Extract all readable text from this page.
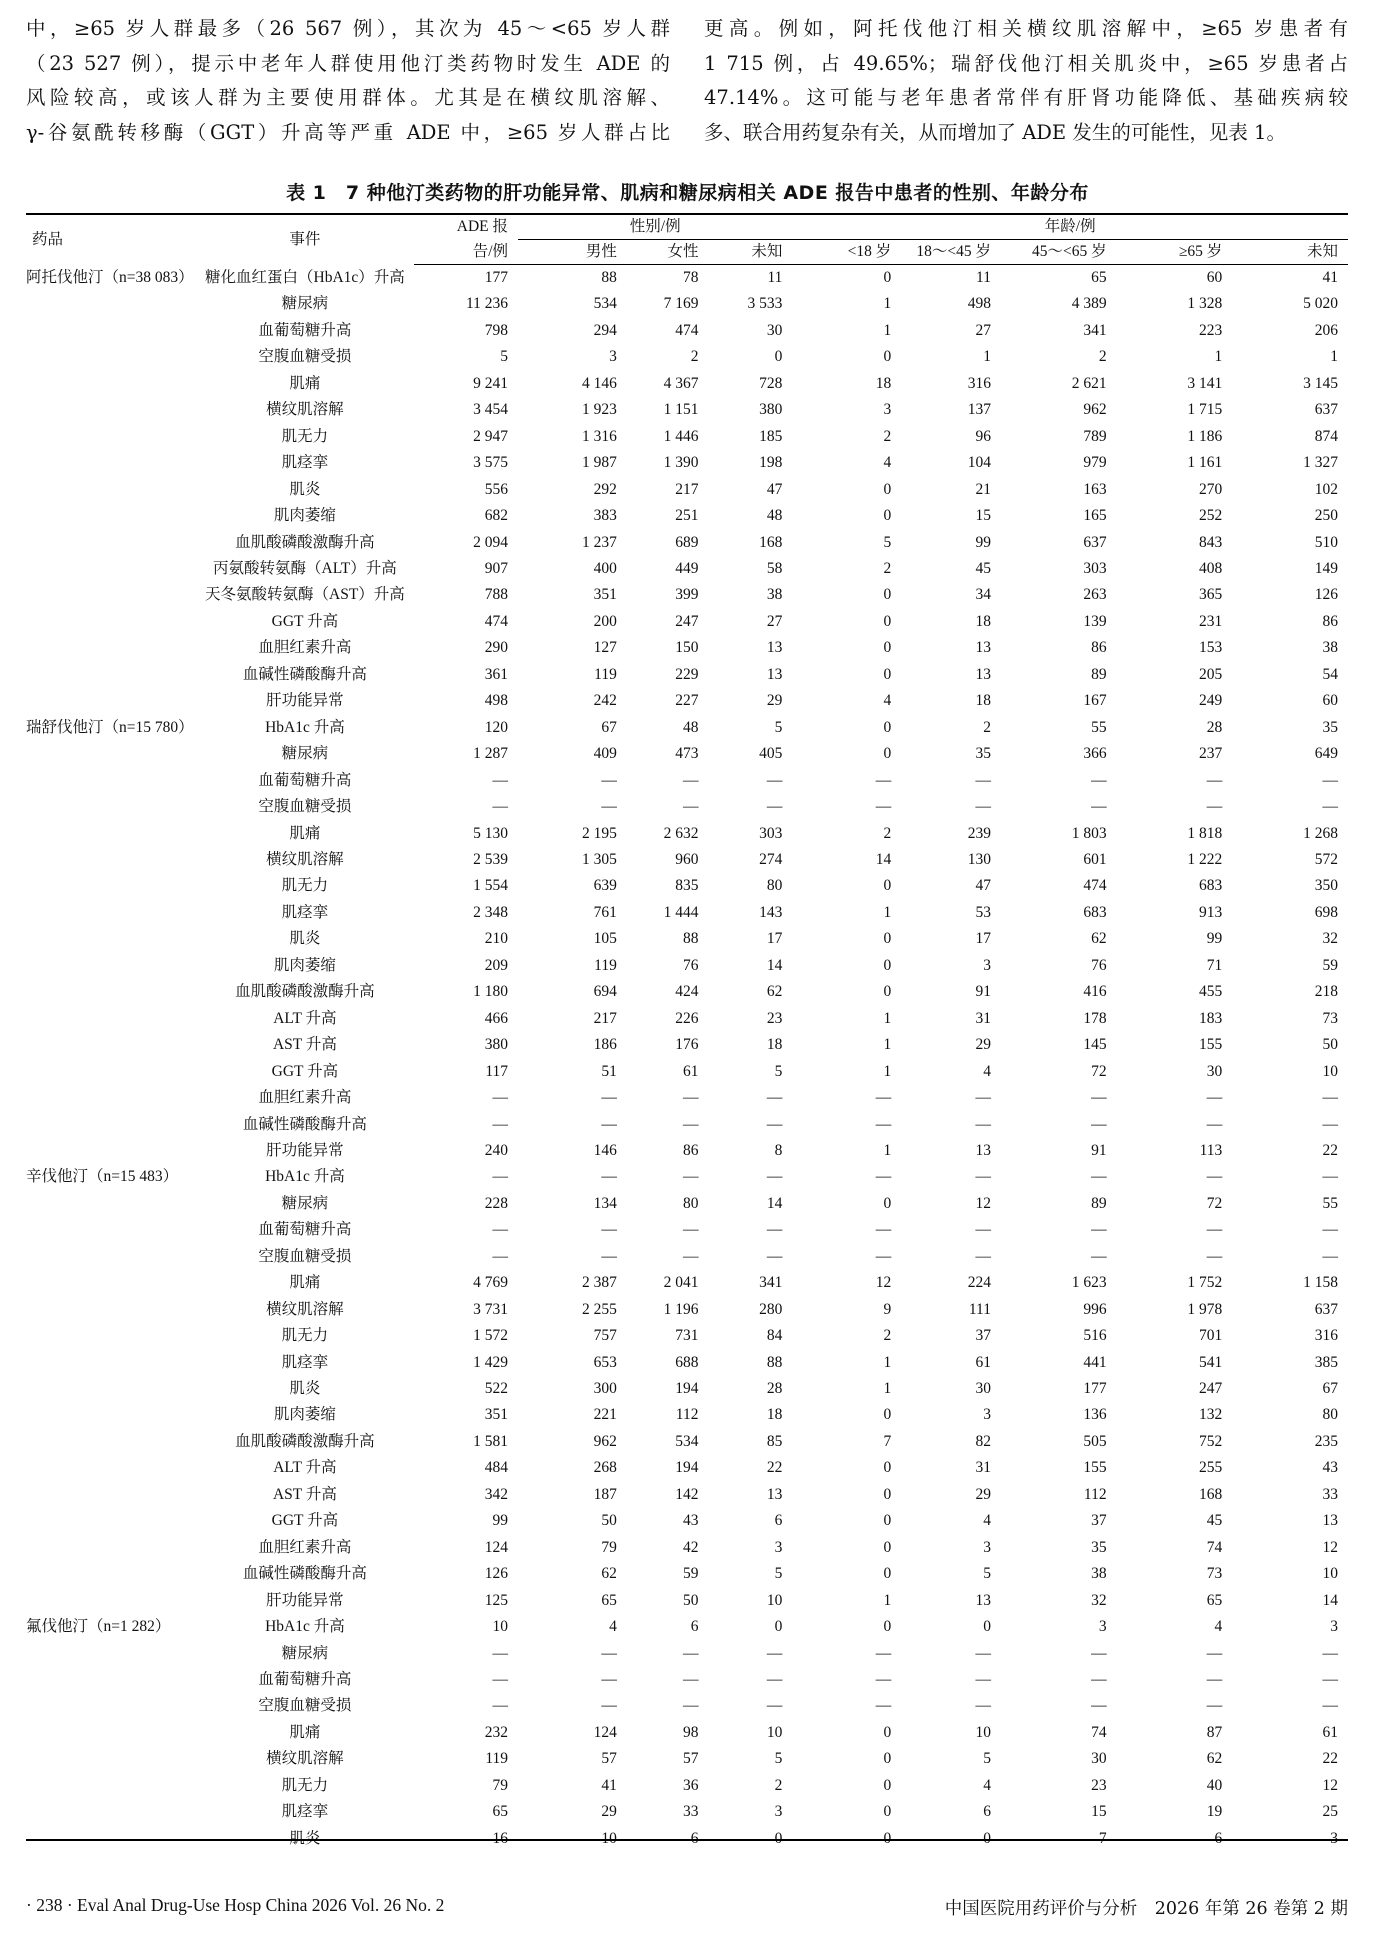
中，≥65 岁人群最多（26 567 例），其次为 45～<65 岁人群

（23 527 例），提示中老年人群使用他汀类药物时发生 ADE 的

风险较高，或该人群为主要使用群体。尤其是在横纹肌溶解、

γ-谷氨酰转移酶（GGT）升高等严重 ADE 中，≥65 岁人群占比

更高。例如，阿托伐他汀相关横纹肌溶解中，≥65 岁患者有

1 715 例，占 49.65%；瑞舒伐他汀相关肌炎中，≥65 岁患者占

47.14%。这可能与老年患者常伴有肝肾功能降低、基础疾病较

多、联合用药复杂有关，从而增加了 ADE 发生的可能性，见表 1。

表 1　7 种他汀类药物的肝功能异常、肌病和糖尿病相关 ADE 报告中患者的性别、年龄分布
药品	事件	ADE 报	性别/例			年龄/例				
		告/例	男性	女性	未知	<18 岁	18～<45 岁	45～<65 岁	≥65 岁	未知

阿托伐他汀（n=38 083）	糖化血红蛋白（HbA1c）升高	177	88	78	11	0	11	65	60	41

	糖尿病	11 236	534	7 169	3 533	1	498	4 389	1 328	5 020

	血葡萄糖升高	798	294	474	30	1	27	341	223	206

	空腹血糖受损	5	3	2	0	0	1	2	1	1

	肌痛	9 241	4 146	4 367	728	18	316	2 621	3 141	3 145

	横纹肌溶解	3 454	1 923	1 151	380	3	137	962	1 715	637

	肌无力	2 947	1 316	1 446	185	2	96	789	1 186	874

	肌痉挛	3 575	1 987	1 390	198	4	104	979	1 161	1 327

	肌炎	556	292	217	47	0	21	163	270	102

	肌肉萎缩	682	383	251	48	0	15	165	252	250

	血肌酸磷酸激酶升高	2 094	1 237	689	168	5	99	637	843	510

	丙氨酸转氨酶（ALT）升高	907	400	449	58	2	45	303	408	149

	天冬氨酸转氨酶（AST）升高	788	351	399	38	0	34	263	365	126

	GGT 升高	474	200	247	27	0	18	139	231	86

	血胆红素升高	290	127	150	13	0	13	86	153	38

	血碱性磷酸酶升高	361	119	229	13	0	13	89	205	54

	肝功能异常	498	242	227	29	4	18	167	249	60

瑞舒伐他汀（n=15 780）	HbA1c 升高	120	67	48	5	0	2	55	28	35

	糖尿病	1 287	409	473	405	0	35	366	237	649

	血葡萄糖升高	—	—	—	—	—	—	—	—	—

	空腹血糖受损	—	—	—	—	—	—	—	—	—

	肌痛	5 130	2 195	2 632	303	2	239	1 803	1 818	1 268

	横纹肌溶解	2 539	1 305	960	274	14	130	601	1 222	572

	肌无力	1 554	639	835	80	0	47	474	683	350

	肌痉挛	2 348	761	1 444	143	1	53	683	913	698

	肌炎	210	105	88	17	0	17	62	99	32

	肌肉萎缩	209	119	76	14	0	3	76	71	59

	血肌酸磷酸激酶升高	1 180	694	424	62	0	91	416	455	218

	ALT 升高	466	217	226	23	1	31	178	183	73

	AST 升高	380	186	176	18	1	29	145	155	50

	GGT 升高	117	51	61	5	1	4	72	30	10

	血胆红素升高	—	—	—	—	—	—	—	—	—

	血碱性磷酸酶升高	—	—	—	—	—	—	—	—	—

	肝功能异常	240	146	86	8	1	13	91	113	22

辛伐他汀（n=15 483）	HbA1c 升高	—	—	—	—	—	—	—	—	—

	糖尿病	228	134	80	14	0	12	89	72	55

	血葡萄糖升高	—	—	—	—	—	—	—	—	—

	空腹血糖受损	—	—	—	—	—	—	—	—	—

	肌痛	4 769	2 387	2 041	341	12	224	1 623	1 752	1 158

	横纹肌溶解	3 731	2 255	1 196	280	9	111	996	1 978	637

	肌无力	1 572	757	731	84	2	37	516	701	316

	肌痉挛	1 429	653	688	88	1	61	441	541	385

	肌炎	522	300	194	28	1	30	177	247	67

	肌肉萎缩	351	221	112	18	0	3	136	132	80

	血肌酸磷酸激酶升高	1 581	962	534	85	7	82	505	752	235

	ALT 升高	484	268	194	22	0	31	155	255	43

	AST 升高	342	187	142	13	0	29	112	168	33

	GGT 升高	99	50	43	6	0	4	37	45	13

	血胆红素升高	124	79	42	3	0	3	35	74	12

	血碱性磷酸酶升高	126	62	59	5	0	5	38	73	10

	肝功能异常	125	65	50	10	1	13	32	65	14

氟伐他汀（n=1 282）	HbA1c 升高	10	4	6	0	0	0	3	4	3

	糖尿病	—	—	—	—	—	—	—	—	—

	血葡萄糖升高	—	—	—	—	—	—	—	—	—

	空腹血糖受损	—	—	—	—	—	—	—	—	—

	肌痛	232	124	98	10	0	10	74	87	61

	横纹肌溶解	119	57	57	5	0	5	30	62	22

	肌无力	79	41	36	2	0	4	23	40	12

	肌痉挛	65	29	33	3	0	6	15	19	25

	肌炎	16	10	6	0	0	0	7	6	3
· 238 · Eval Anal Drug-Use Hosp China 2026 Vol. 26 No. 2	中国医院用药评价与分析　2026 年第 26 卷第 2 期
